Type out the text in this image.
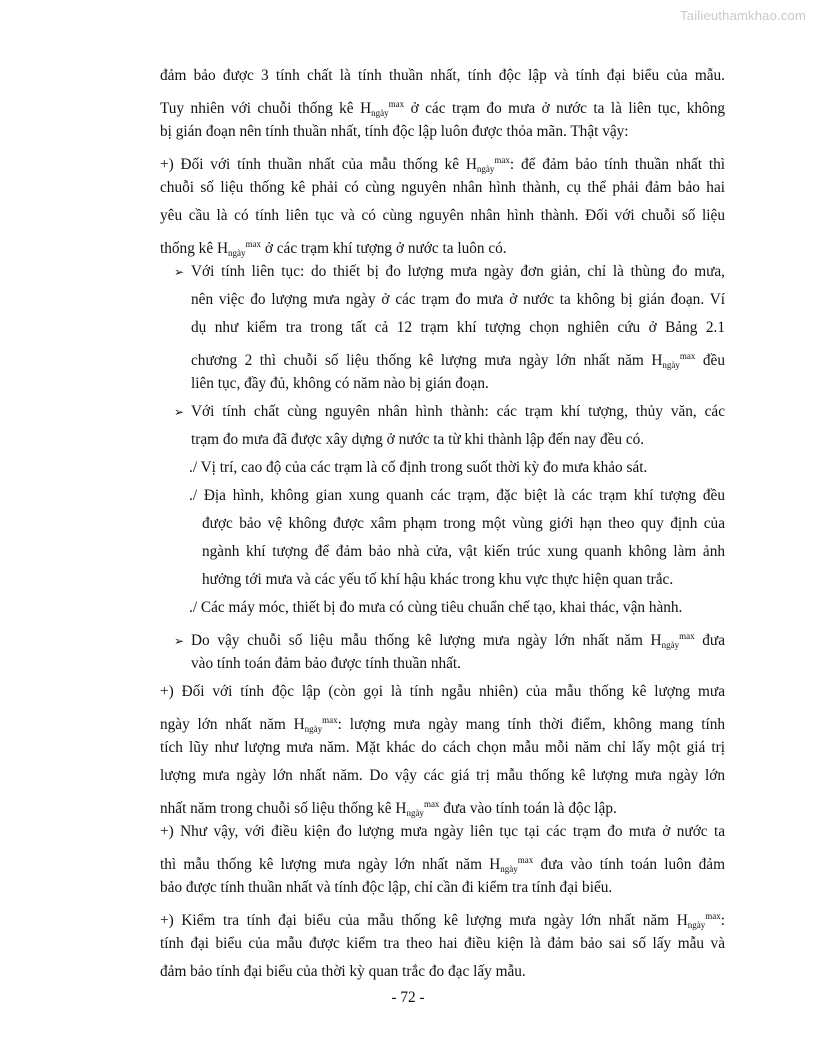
Tailieuthamkhao.com
đảm bảo được 3 tính chất là tính thuần nhất, tính độc lập và tính đại biểu của mẫu.
Tuy nhiên với chuỗi thống kê $H_{ngày}^{max}$ ở các trạm đo mưa ở nước ta là liên tục, không
bị gián đoạn nên tính thuần nhất, tính độc lập luôn được thỏa mãn. Thật vậy:
+) Đối với tính thuần nhất của mẫu thống kê $H_{ngày}^{max}$: để đảm bảo tính thuần nhất thì
chuỗi số liệu thống kê phải có cùng nguyên nhân hình thành, cụ thể phải đảm bảo hai
yêu cầu là có tính liên tục và có cùng nguyên nhân hình thành. Đối với chuỗi số liệu
thống kê $H_{ngày}^{max}$ ở các trạm khí tượng ở nước ta luôn có.
➢ Với tính liên tục: do thiết bị đo lượng mưa ngày đơn giản, chỉ là thùng đo mưa,
nên việc đo lượng mưa ngày ở các trạm đo mưa ở nước ta không bị gián đoạn. Ví
dụ như kiểm tra trong tất cả 12 trạm khí tượng chọn nghiên cứu ở Bảng 2.1
chương 2 thì chuỗi số liệu thống kê lượng mưa ngày lớn nhất năm $H_{ngày}^{max}$ đều
liên tục, đầy đủ, không có năm nào bị gián đoạn.
➢ Với tính chất cùng nguyên nhân hình thành: các trạm khí tượng, thủy văn, các
trạm đo mưa đã được xây dựng ở nước ta từ khi thành lập đến nay đều có.
./ Vị trí, cao độ của các trạm là cố định trong suốt thời kỳ đo mưa khảo sát.
./ Địa hình, không gian xung quanh các trạm, đặc biệt là các trạm khí tượng đều
được bảo vệ không được xâm phạm trong một vùng giới hạn theo quy định của
ngành khí tượng để đảm bảo nhà cửa, vật kiến trúc xung quanh không làm ảnh
hưởng tới mưa và các yếu tố khí hậu khác trong khu vực thực hiện quan trắc.
./ Các máy móc, thiết bị đo mưa có cùng tiêu chuẩn chế tạo, khai thác, vận hành.
➢ Do vậy chuỗi số liệu mẫu thống kê lượng mưa ngày lớn nhất năm $H_{ngày}^{max}$ đưa
vào tính toán đảm bảo được tính thuần nhất.
+) Đối với tính độc lập (còn gọi là tính ngẫu nhiên) của mẫu thống kê lượng mưa
ngày lớn nhất năm $H_{ngày}^{max}$: lượng mưa ngày mang tính thời điểm, không mang tính
tích lũy như lượng mưa năm. Mặt khác do cách chọn mẫu mỗi năm chỉ lấy một giá trị
lượng mưa ngày lớn nhất năm. Do vậy các giá trị mẫu thống kê lượng mưa ngày lớn
nhất năm trong chuỗi số liệu thống kê $H_{ngày}^{max}$ đưa vào tính toán là độc lập.
+) Như vậy, với điều kiện đo lượng mưa ngày liên tục tại các trạm đo mưa ở nước ta
thì mẫu thống kê lượng mưa ngày lớn nhất năm $H_{ngày}^{max}$ đưa vào tính toán luôn đảm
bảo được tính thuần nhất và tính độc lập, chỉ cần đi kiểm tra tính đại biểu.
+) Kiểm tra tính đại biểu của mẫu thống kê lượng mưa ngày lớn nhất năm $H_{ngày}^{max}$:
tính đại biểu của mẫu được kiểm tra theo hai điều kiện là đảm bảo sai số lấy mẫu và
đảm bảo tính đại biểu của thời kỳ quan trắc đo đạc lấy mẫu.
- 72 -
